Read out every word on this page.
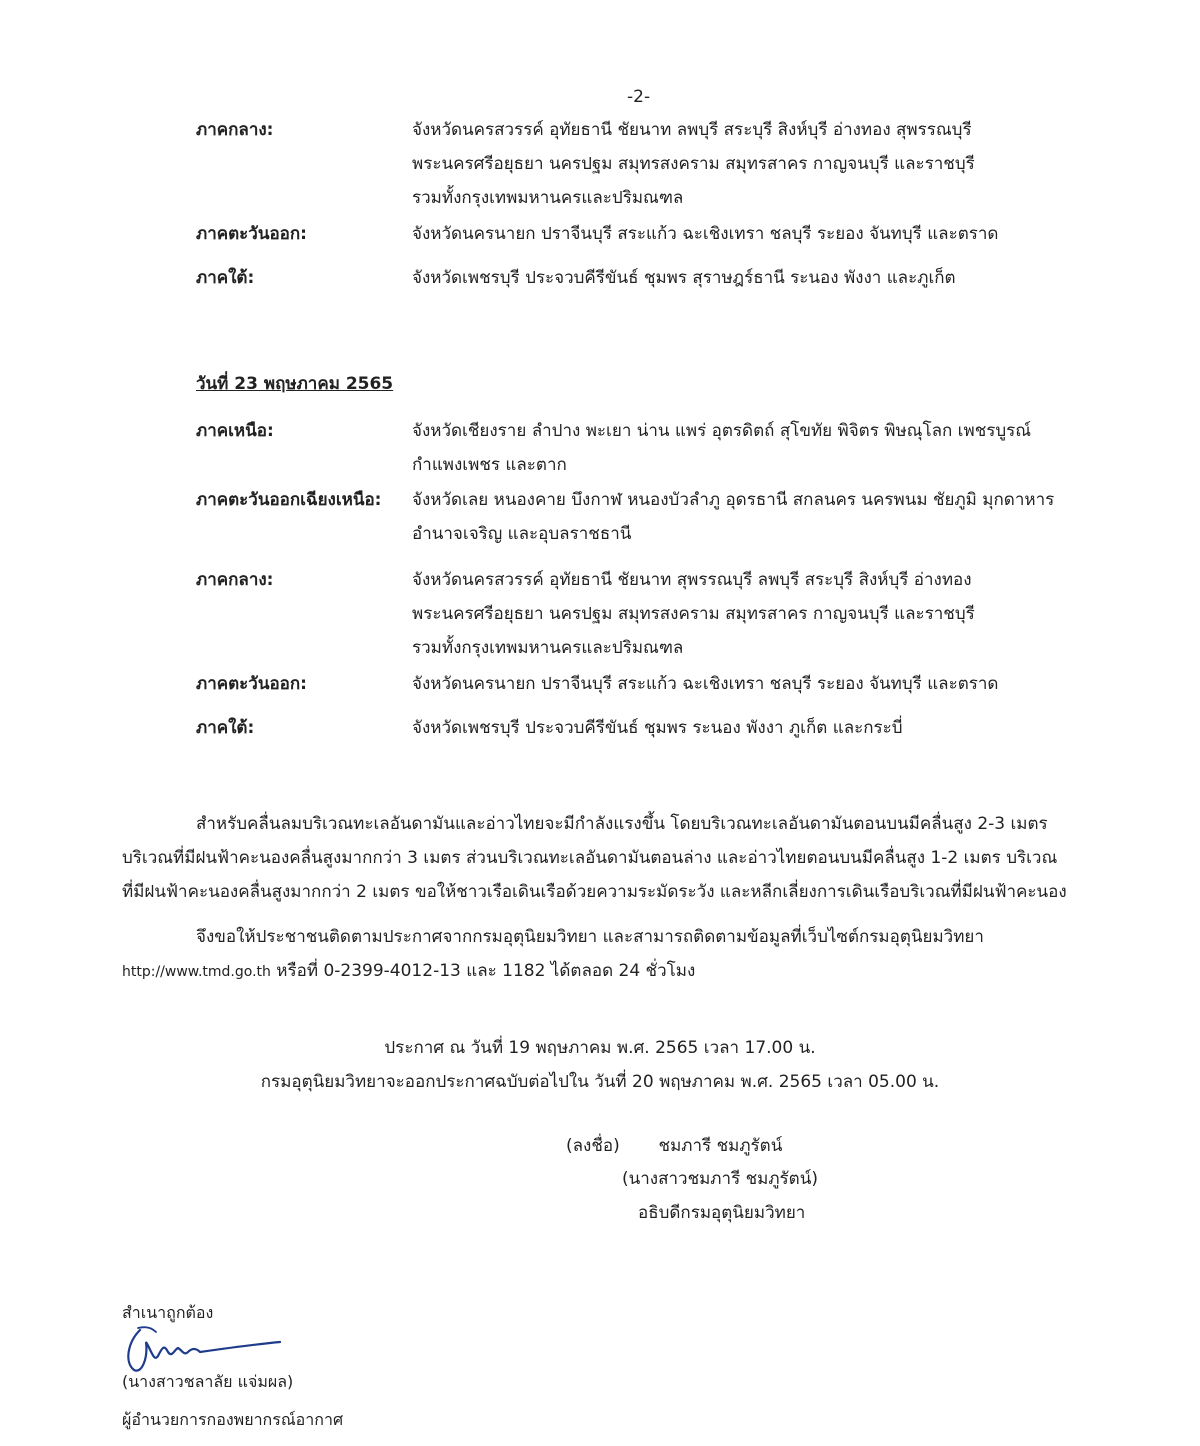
-2-
ภาคกลาง:	จังหวัดนครสวรรค์ อุทัยธานี ชัยนาท ลพบุรี สระบุรี สิงห์บุรี อ่างทอง สุพรรณบุรี
พระนครศรีอยุธยา นครปฐม สมุทรสงคราม สมุทรสาคร กาญจนบุรี และราชบุรี
รวมทั้งกรุงเทพมหานครและปริมณฑล
ภาคตะวันออก:	จังหวัดนครนายก ปราจีนบุรี สระแก้ว ฉะเชิงเทรา ชลบุรี ระยอง จันทบุรี และตราด
ภาคใต้:	จังหวัดเพชรบุรี ประจวบคีรีขันธ์ ชุมพร สุราษฎร์ธานี ระนอง พังงา และภูเก็ต
วันที่ 23 พฤษภาคม 2565
ภาคเหนือ:	จังหวัดเชียงราย ลำปาง พะเยา น่าน แพร่ อุตรดิตถ์ สุโขทัย พิจิตร พิษณุโลก เพชรบูรณ์
กำแพงเพชร และตาก
ภาคตะวันออกเฉียงเหนือ: จังหวัดเลย หนองคาย บึงกาฬ หนองบัวลำภู อุดรธานี สกลนคร นครพนม ชัยภูมิ มุกดาหาร
อำนาจเจริญ และอุบลราชธานี
ภาคกลาง:	จังหวัดนครสวรรค์ อุทัยธานี ชัยนาท สุพรรณบุรี ลพบุรี สระบุรี สิงห์บุรี อ่างทอง
พระนครศรีอยุธยา นครปฐม สมุทรสงคราม สมุทรสาคร กาญจนบุรี และราชบุรี
รวมทั้งกรุงเทพมหานครและปริมณฑล
ภาคตะวันออก:	จังหวัดนครนายก ปราจีนบุรี สระแก้ว ฉะเชิงเทรา ชลบุรี ระยอง จันทบุรี และตราด
ภาคใต้:	จังหวัดเพชรบุรี ประจวบคีรีขันธ์ ชุมพร ระนอง พังงา ภูเก็ต และกระบี่
สำหรับคลื่นลมบริเวณทะเลอันดามันและอ่าวไทยจะมีกำลังแรงขึ้น โดยบริเวณทะเลอันดามันตอนบนมีคลื่นสูง 2-3 เมตร
บริเวณที่มีฝนฟ้าคะนองคลื่นสูงมากกว่า 3 เมตร ส่วนบริเวณทะเลอันดามันตอนล่าง และอ่าวไทยตอนบนมีคลื่นสูง 1-2 เมตร บริเวณ
ที่มีฝนฟ้าคะนองคลื่นสูงมากกว่า 2 เมตร ขอให้ชาวเรือเดินเรือด้วยความระมัดระวัง และหลีกเลี่ยงการเดินเรือบริเวณที่มีฝนฟ้าคะนอง
จึงขอให้ประชาชนติดตามประกาศจากกรมอุตุนิยมวิทยา และสามารถติดตามข้อมูลที่เว็บไซต์กรมอุตุนิยมวิทยา
http://www.tmd.go.th หรือที่ 0-2399-4012-13 และ 1182 ได้ตลอด 24 ชั่วโมง
ประกาศ ณ วันที่ 19 พฤษภาคม พ.ศ. 2565 เวลา 17.00 น.
กรมอุตุนิยมวิทยาจะออกประกาศฉบับต่อไปใน วันที่ 20 พฤษภาคม พ.ศ. 2565 เวลา 05.00 น.
(ลงชื่อ) ชมภารี ชมภูรัตน์
(นางสาวชมภารี ชมภูรัตน์)
อธิบดีกรมอุตุนิยมวิทยา
สำเนาถูกต้อง
(นางสาวชลาลัย แจ่มผล)
ผู้อำนวยการกองพยากรณ์อากาศ
